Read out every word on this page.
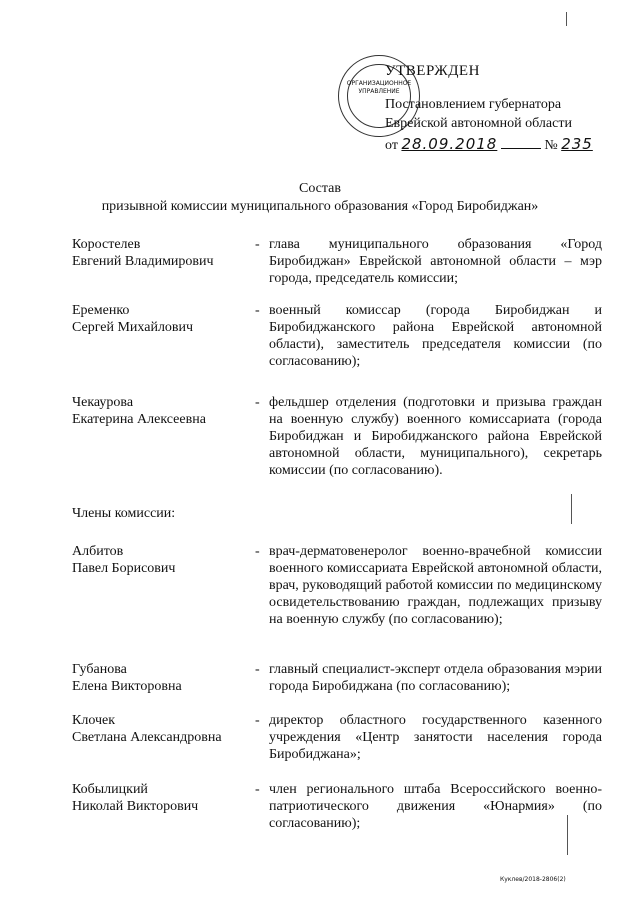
ОРГАНИЗАЦИОННОЕ УПРАВЛЕНИЕ
УТВЕРЖДЕН
Постановлением губернатора
Еврейской автономной области
от 28.09.2018	№ 235
Состав
призывной комиссии муниципального образования «Город Биробиджан»
Коростелев
Евгений Владимирович
- глава муниципального образования «Город Биробиджан» Еврейской автономной области – мэр города, председатель комиссии;
Еременко
Сергей Михайлович
- военный комиссар (города Биробиджан и Биробиджанского района Еврейской автономной области), заместитель председателя комиссии (по согласованию);
Чекаурова
Екатерина Алексеевна
- фельдшер отделения (подготовки и призыва граждан на военную службу) военного комиссариата (города Биробиджан и Биробиджанского района Еврейской автономной области, муниципального), секретарь комиссии (по согласованию).
Члены комиссии:
Албитов
Павел Борисович
- врач-дерматовенеролог военно-врачебной комиссии военного комиссариата Еврейской автономной области, врач, руководящий работой комиссии по медицинскому освидетельствованию граждан, подлежащих призыву на военную службу (по согласованию);
Губанова
Елена Викторовна
- главный специалист-эксперт отдела образования мэрии города Биробиджана (по согласованию);
Клочек
Светлана Александровна
- директор областного государственного казенного учреждения «Центр занятости населения города Биробиджана»;
Кобылицкий
Николай Викторович
- член регионального штаба Всероссийского военно-патриотического движения «Юнармия» (по согласованию);
Куклев/2018-2806(2)
